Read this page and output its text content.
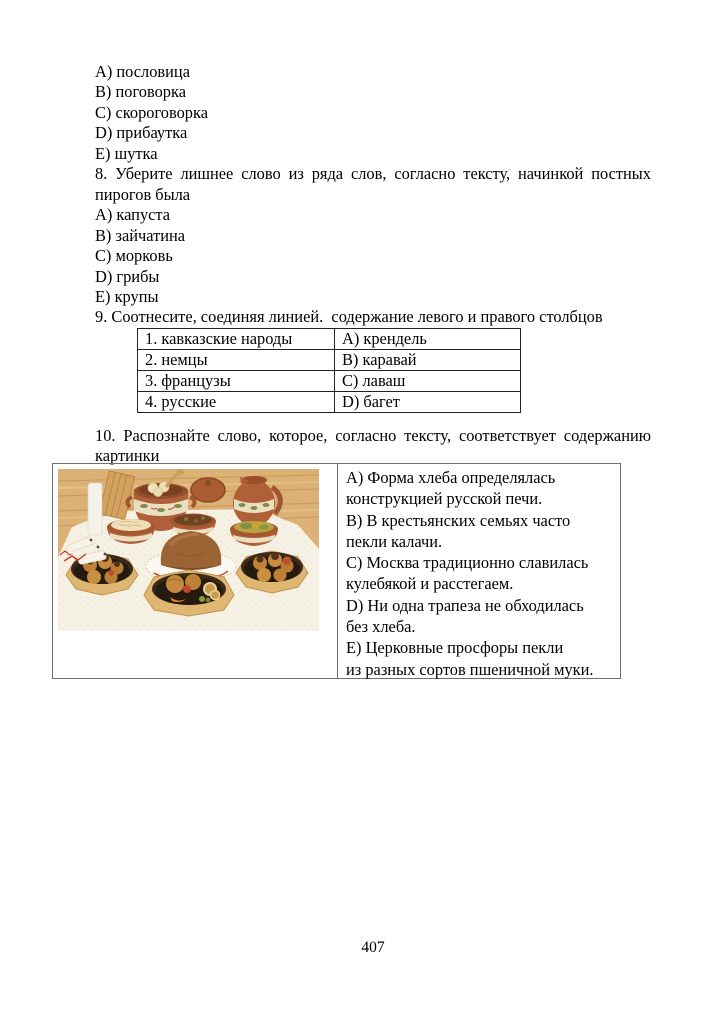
А) пословица
В) поговорка
С) скороговорка
D) прибаутка
Е) шутка
8. Уберите лишнее слово из ряда слов, согласно тексту, начинкой постных
пирогов была
А) капуста
В) зайчатина
С) морковь
D) грибы
Е) крупы
9. Соотнесите, соединяя линией.  содержание левого и правого столбцов
1. кавказские народы	А) крендель
2. немцы	В) каравай
3. французы	С) лаваш
4. русские	D) багет
10. Распознайте слово, которое, согласно тексту, соответствует содержанию
картинки
А) Форма хлеба определялась
конструкцией русской печи.
В) В крестьянских семьях часто
пекли калачи.
С) Москва традиционно славилась
кулебякой и расстегаем.
D) Ни одна трапеза не обходилась
без хлеба.
Е) Церковные просфоры пекли
из разных сортов пшеничной муки.
407
